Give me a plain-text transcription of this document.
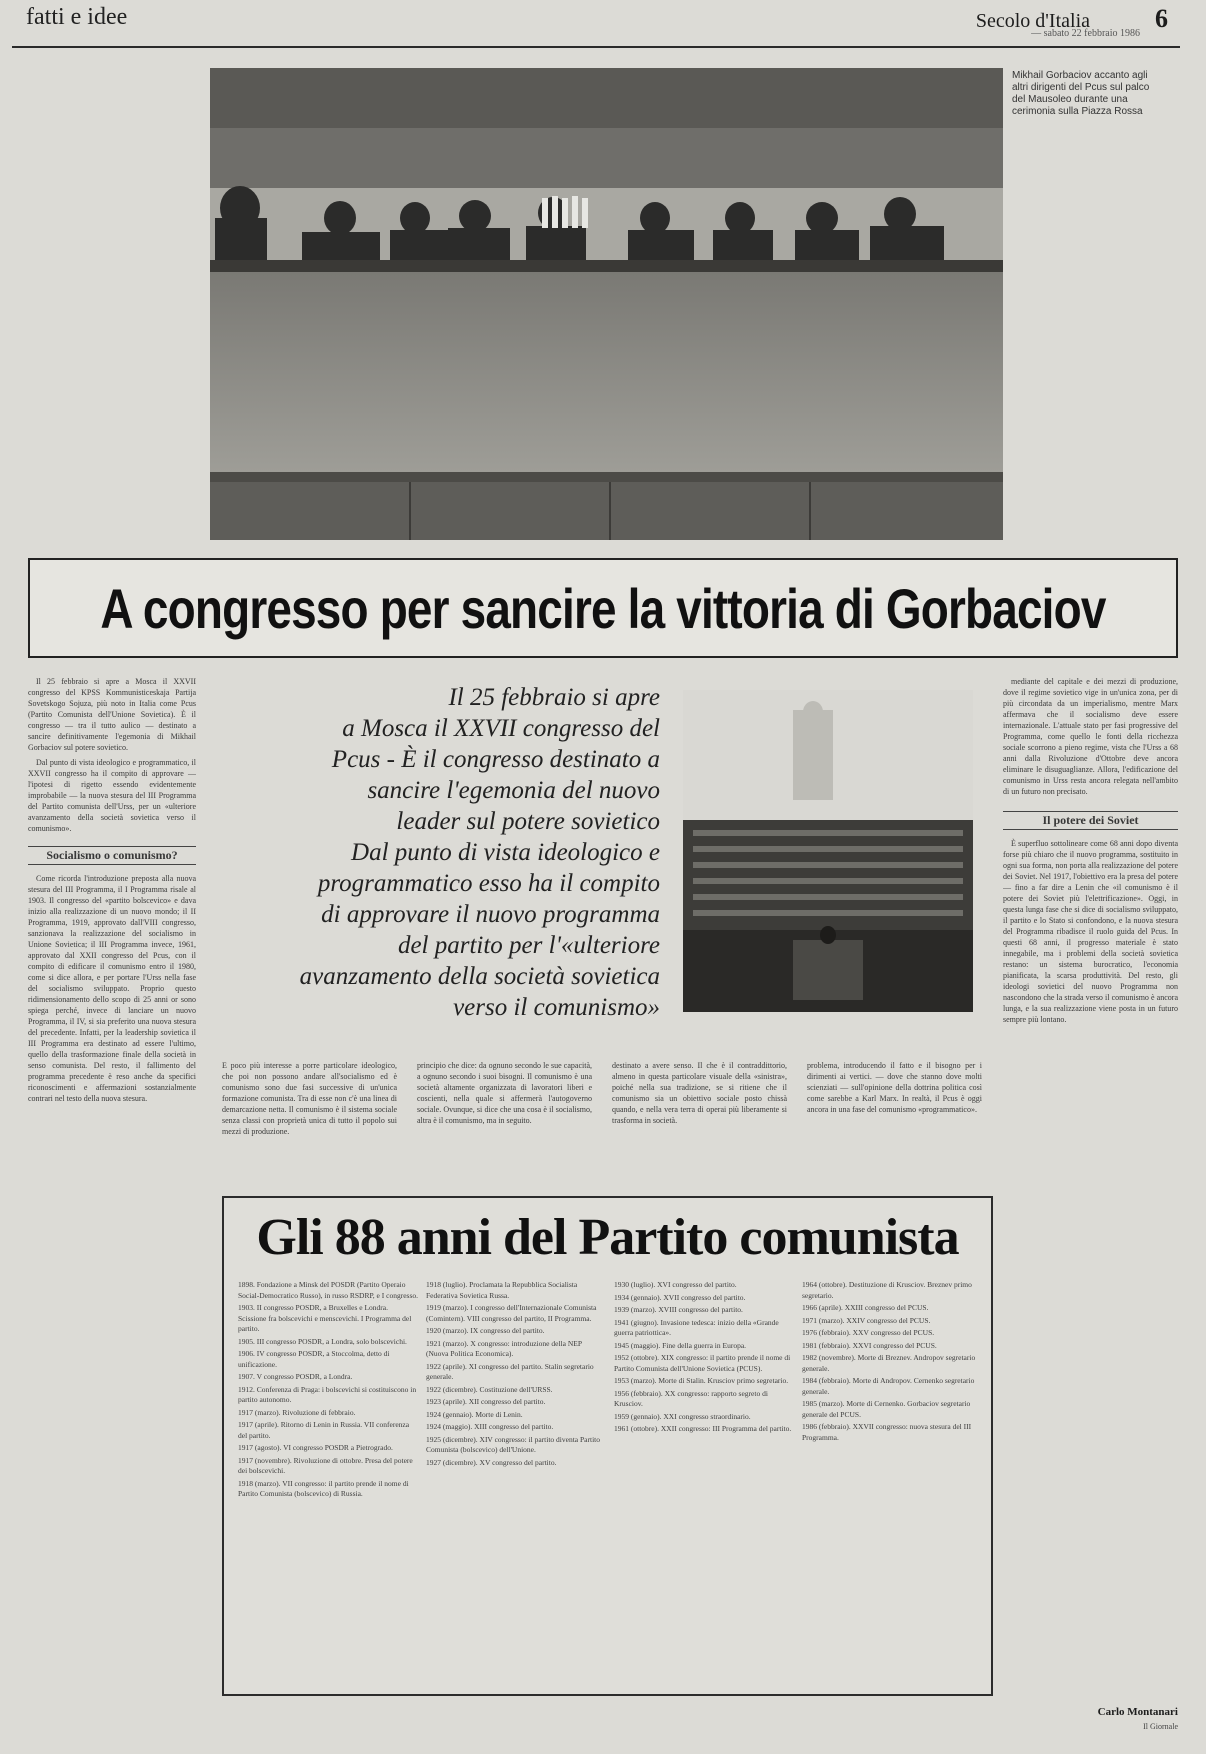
fatti e idee	Secolo d'Italia
— sabato 22 febbraio 1986
6
Mikhail Gorbaciov accanto agli altri dirigenti del Pcus sul palco del Mausoleo durante una cerimonia sulla Piazza Rossa
A congresso per sancire la vittoria di Gorbaciov

Il 25 febbraio si apre a Mosca il XXVII congresso del KPSS Kommunisticeskaja Partija Sovetskogo Sojuza, più noto in Italia come Pcus (Partito Comunista dell'Unione Sovietica). È il congresso — tra il tutto aulico — destinato a sancire definitivamente l'egemonia di Mikhail Gorbaciov sul potere sovietico.

Dal punto di vista ideologico e programmatico, il XXVII congresso ha il compito di approvare — l'ipotesi di rigetto essendo evidentemente improbabile — la nuova stesura del III Programma del Partito comunista dell'Urss, per un «ulteriore avanzamento della società sovietica verso il comunismo».

Socialismo o comunismo?

Come ricorda l'introduzione preposta alla nuova stesura del III Programma, il I Programma risale al 1903. Il congresso del «partito bolscevico» e dava inizio alla realizzazione di un nuovo mondo; il II Programma, 1919, approvato dall'VIII congresso, sanzionava la realizzazione del socialismo in Unione Sovietica; il III Programma invece, 1961, approvato dal XXII congresso del Pcus, con il compito di edificare il comunismo entro il 1980, come si dice allora, e per portare l'Urss nella fase del socialismo sviluppato. Proprio questo ridimensionamento dello scopo di 25 anni or sono spiega perché, invece di lanciare un nuovo Programma, il IV, si sia preferito una nuova stesura del precedente. Infatti, per la leadership sovietica il III Programma era destinato ad essere l'ultimo, quello della trasformazione finale della società in senso comunista. Del resto, il fallimento del programma precedente è reso anche da specifici riconoscimenti e affermazioni sostanzialmente contrari nel testo della nuova stesura.

Il 25 febbraio si apre
a Mosca il XXVII congresso del
Pcus - È il congresso destinato a
sancire l'egemonia del nuovo
leader sul potere sovietico
Dal punto di vista ideologico e
programmatico esso ha il compito
di approvare il nuovo programma
del partito per l'«ulteriore
avanzamento della società sovietica
verso il comunismo»
E poco più interesse a porre particolare ideologico, che poi non possono andare all'socialismo ed è comunismo sono due fasi successive di un'unica formazione comunista. Tra di esse non c'è una linea di demarcazione netta. Il comunismo è il sistema sociale senza classi con proprietà unica di tutto il popolo sui mezzi di produzione.
principio che dice: da ognuno secondo le sue capacità, a ognuno secondo i suoi bisogni. Il comunismo è una società altamente organizzata di lavoratori liberi e coscienti, nella quale si affermerà l'autogoverno sociale. Ovunque, si dice che una cosa è il socialismo, altra è il comunismo, ma in seguito.
destinato a avere senso. Il che è il contraddittorio, almeno in questa particolare visuale della «sinistra», poiché nella sua tradizione, se si ritiene che il comunismo sia un obiettivo sociale posto chissà quando, e nella vera terra di operai più liberamente si trasforma in società.
problema, introducendo il fatto e il bisogno per i dirimenti ai vertici. — dove che stanno dove molti scienziati — sull'opinione della dottrina politica così come sarebbe a Karl Marx. In realtà, il Pcus è oggi ancora in una fase del comunismo «programmatico».
Gli 88 anni del Partito comunista

1898. Fondazione a Minsk del POSDR (Partito Operaio Social-Democratico Russo), in russo RSDRP, e I congresso.

1903. II congresso POSDR, a Bruxelles e Londra. Scissione fra bolscevichi e menscevichi. I Programma del partito.

1905. III congresso POSDR, a Londra, solo bolscevichi.

1906. IV congresso POSDR, a Stoccolma, detto di unificazione.

1907. V congresso POSDR, a Londra.

1912. Conferenza di Praga: i bolscevichi si costituiscono in partito autonomo.

1917 (marzo). Rivoluzione di febbraio.

1917 (aprile). Ritorno di Lenin in Russia. VII conferenza del partito.

1917 (agosto). VI congresso POSDR a Pietrogrado.

1917 (novembre). Rivoluzione di ottobre. Presa del potere dei bolscevichi.

1918 (marzo). VII congresso: il partito prende il nome di Partito Comunista (bolscevico) di Russia.

1918 (luglio). Proclamata la Repubblica Socialista Federativa Sovietica Russa.

1919 (marzo). I congresso dell'Internazionale Comunista (Comintern). VIII congresso del partito, II Programma.

1920 (marzo). IX congresso del partito.

1921 (marzo). X congresso: introduzione della NEP (Nuova Politica Economica).

1922 (aprile). XI congresso del partito. Stalin segretario generale.

1922 (dicembre). Costituzione dell'URSS.

1923 (aprile). XII congresso del partito.

1924 (gennaio). Morte di Lenin.

1924 (maggio). XIII congresso del partito.

1925 (dicembre). XIV congresso: il partito diventa Partito Comunista (bolscevico) dell'Unione.

1927 (dicembre). XV congresso del partito.

1930 (luglio). XVI congresso del partito.

1934 (gennaio). XVII congresso del partito.

1939 (marzo). XVIII congresso del partito.

1941 (giugno). Invasione tedesca: inizio della «Grande guerra patriottica».

1945 (maggio). Fine della guerra in Europa.

1952 (ottobre). XIX congresso: il partito prende il nome di Partito Comunista dell'Unione Sovietica (PCUS).

1953 (marzo). Morte di Stalin. Krusciov primo segretario.

1956 (febbraio). XX congresso: rapporto segreto di Krusciov.

1959 (gennaio). XXI congresso straordinario.

1961 (ottobre). XXII congresso: III Programma del partito.

1964 (ottobre). Destituzione di Krusciov. Breznev primo segretario.

1966 (aprile). XXIII congresso del PCUS.

1971 (marzo). XXIV congresso del PCUS.

1976 (febbraio). XXV congresso del PCUS.

1981 (febbraio). XXVI congresso del PCUS.

1982 (novembre). Morte di Breznev. Andropov segretario generale.

1984 (febbraio). Morte di Andropov. Cernenko segretario generale.

1985 (marzo). Morte di Cernenko. Gorbaciov segretario generale del PCUS.

1986 (febbraio). XXVII congresso: nuova stesura del III Programma.

mediante del capitale e dei mezzi di produzione, dove il regime sovietico vige in un'unica zona, per di più circondata da un imperialismo, mentre Marx affermava che il socialismo deve essere internazionale. L'attuale stato per fasi progressive del Programma, come quello le fonti della ricchezza sociale scorrono a pieno regime, vista che l'Urss a 68 anni dalla Rivoluzione d'Ottobre deve ancora eliminare le disuguaglianze. Allora, l'edificazione del comunismo in Urss resta ancora relegata nell'ambito di un futuro non precisato.

Il potere dei Soviet

È superfluo sottolineare come 68 anni dopo diventa forse più chiaro che il nuovo programma, sostituito in ogni sua forma, non porta alla realizzazione del potere dei Soviet. Nel 1917, l'obiettivo era la presa del potere — fino a far dire a Lenin che «il comunismo è il potere dei Soviet più l'elettrificazione». Oggi, in questa lunga fase che si dice di socialismo sviluppato, il partito e lo Stato si confondono, e la nuova stesura del Programma ribadisce il ruolo guida del Pcus. In questi 68 anni, il progresso materiale è stato innegabile, ma i problemi della società sovietica restano: un sistema burocratico, l'economia pianificata, la scarsa produttività. Del resto, gli ideologi sovietici del nuovo Programma non nascondono che la strada verso il comunismo è ancora lunga, e la sua realizzazione viene posta in un futuro sempre più lontano.

Carlo Montanari
Il Giornale
